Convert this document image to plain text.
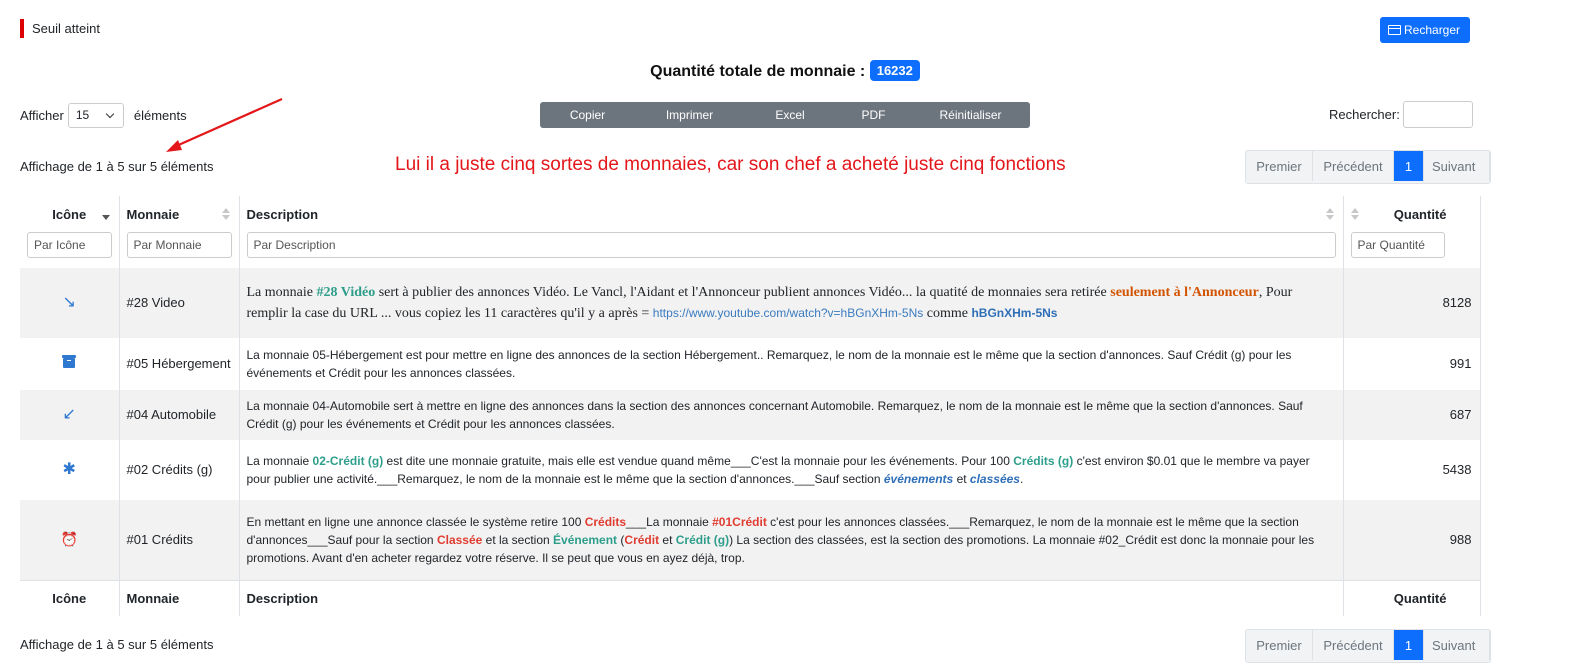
Seuil atteint	Recharger
Quantité totale de monnaie : 16232
Afficher 15	éléments	Copier	Imprimer	Excel	PDF	Réinitialiser	Rechercher:
Affichage de 1 à 5 sur 5 éléments	Lui il a juste cinq sortes de monnaies, car son chef a acheté juste cinq fonctions	Premier	Précédent	1	Suivant
Icône	Monnaie	Description	Quantité

Par Icône	Par Monnaie	Par Description	Par Quantité

↘	#28 Video	La monnaie #28 Vidéo sert à publier des annonces Vidéo. Le Vancl, l'Aidant et l'Annonceur publient annonces Vidéo... la quatité de monnaies sera retirée seulement à l'Annonceur, Pour remplir la case du URL ... vous copiez les 11 caractères qu'il y a après = https://www.youtube.com/watch?v=hBGnXHm-5Ns comme hBGnXHm-5Ns	8128
	#05 Hébergement	La monnaie 05-Hébergement est pour mettre en ligne des annonces de la section Hébergement.. Remarquez, le nom de la monnaie est le même que la section d'annonces. Sauf Crédit (g) pour les événements et Crédit pour les annonces classées.	991
↙	#04 Automobile	La monnaie 04-Automobile sert à mettre en ligne des annonces dans la section des annonces concernant Automobile. Remarquez, le nom de la monnaie est le même que la section d'annonces. Sauf Crédit (g) pour les événements et Crédit pour les annonces classées.	687
✱	#02 Crédits (g)	La monnaie 02-Crédit (g) est dite une monnaie gratuite, mais elle est vendue quand même___C'est la monnaie pour les événements. Pour 100 Crédits (g) c'est environ $0.01 que le membre va payer pour publier une activité.___Remarquez, le nom de la monnaie est le même que la section d'annonces.___Sauf section événements et classées.	5438
⏰	#01 Crédits	En mettant en ligne une annonce classée le système retire 100 Crédits___La monnaie #01Crédit c'est pour les annonces classées.___Remarquez, le nom de la monnaie est le même que la section d'annonces___Sauf pour la section Classée et la section Événement (Crédit et Crédit (g)) La section des classées, est la section des promotions. La monnaie #02_Crédit est donc la monnaie pour les promotions. Avant d'en acheter regardez votre réserve. Il se peut que vous en ayez déjà, trop.	988
Icône	Monnaie	Description	Quantité
Affichage de 1 à 5 sur 5 éléments	Premier	Précédent	1	Suivant
